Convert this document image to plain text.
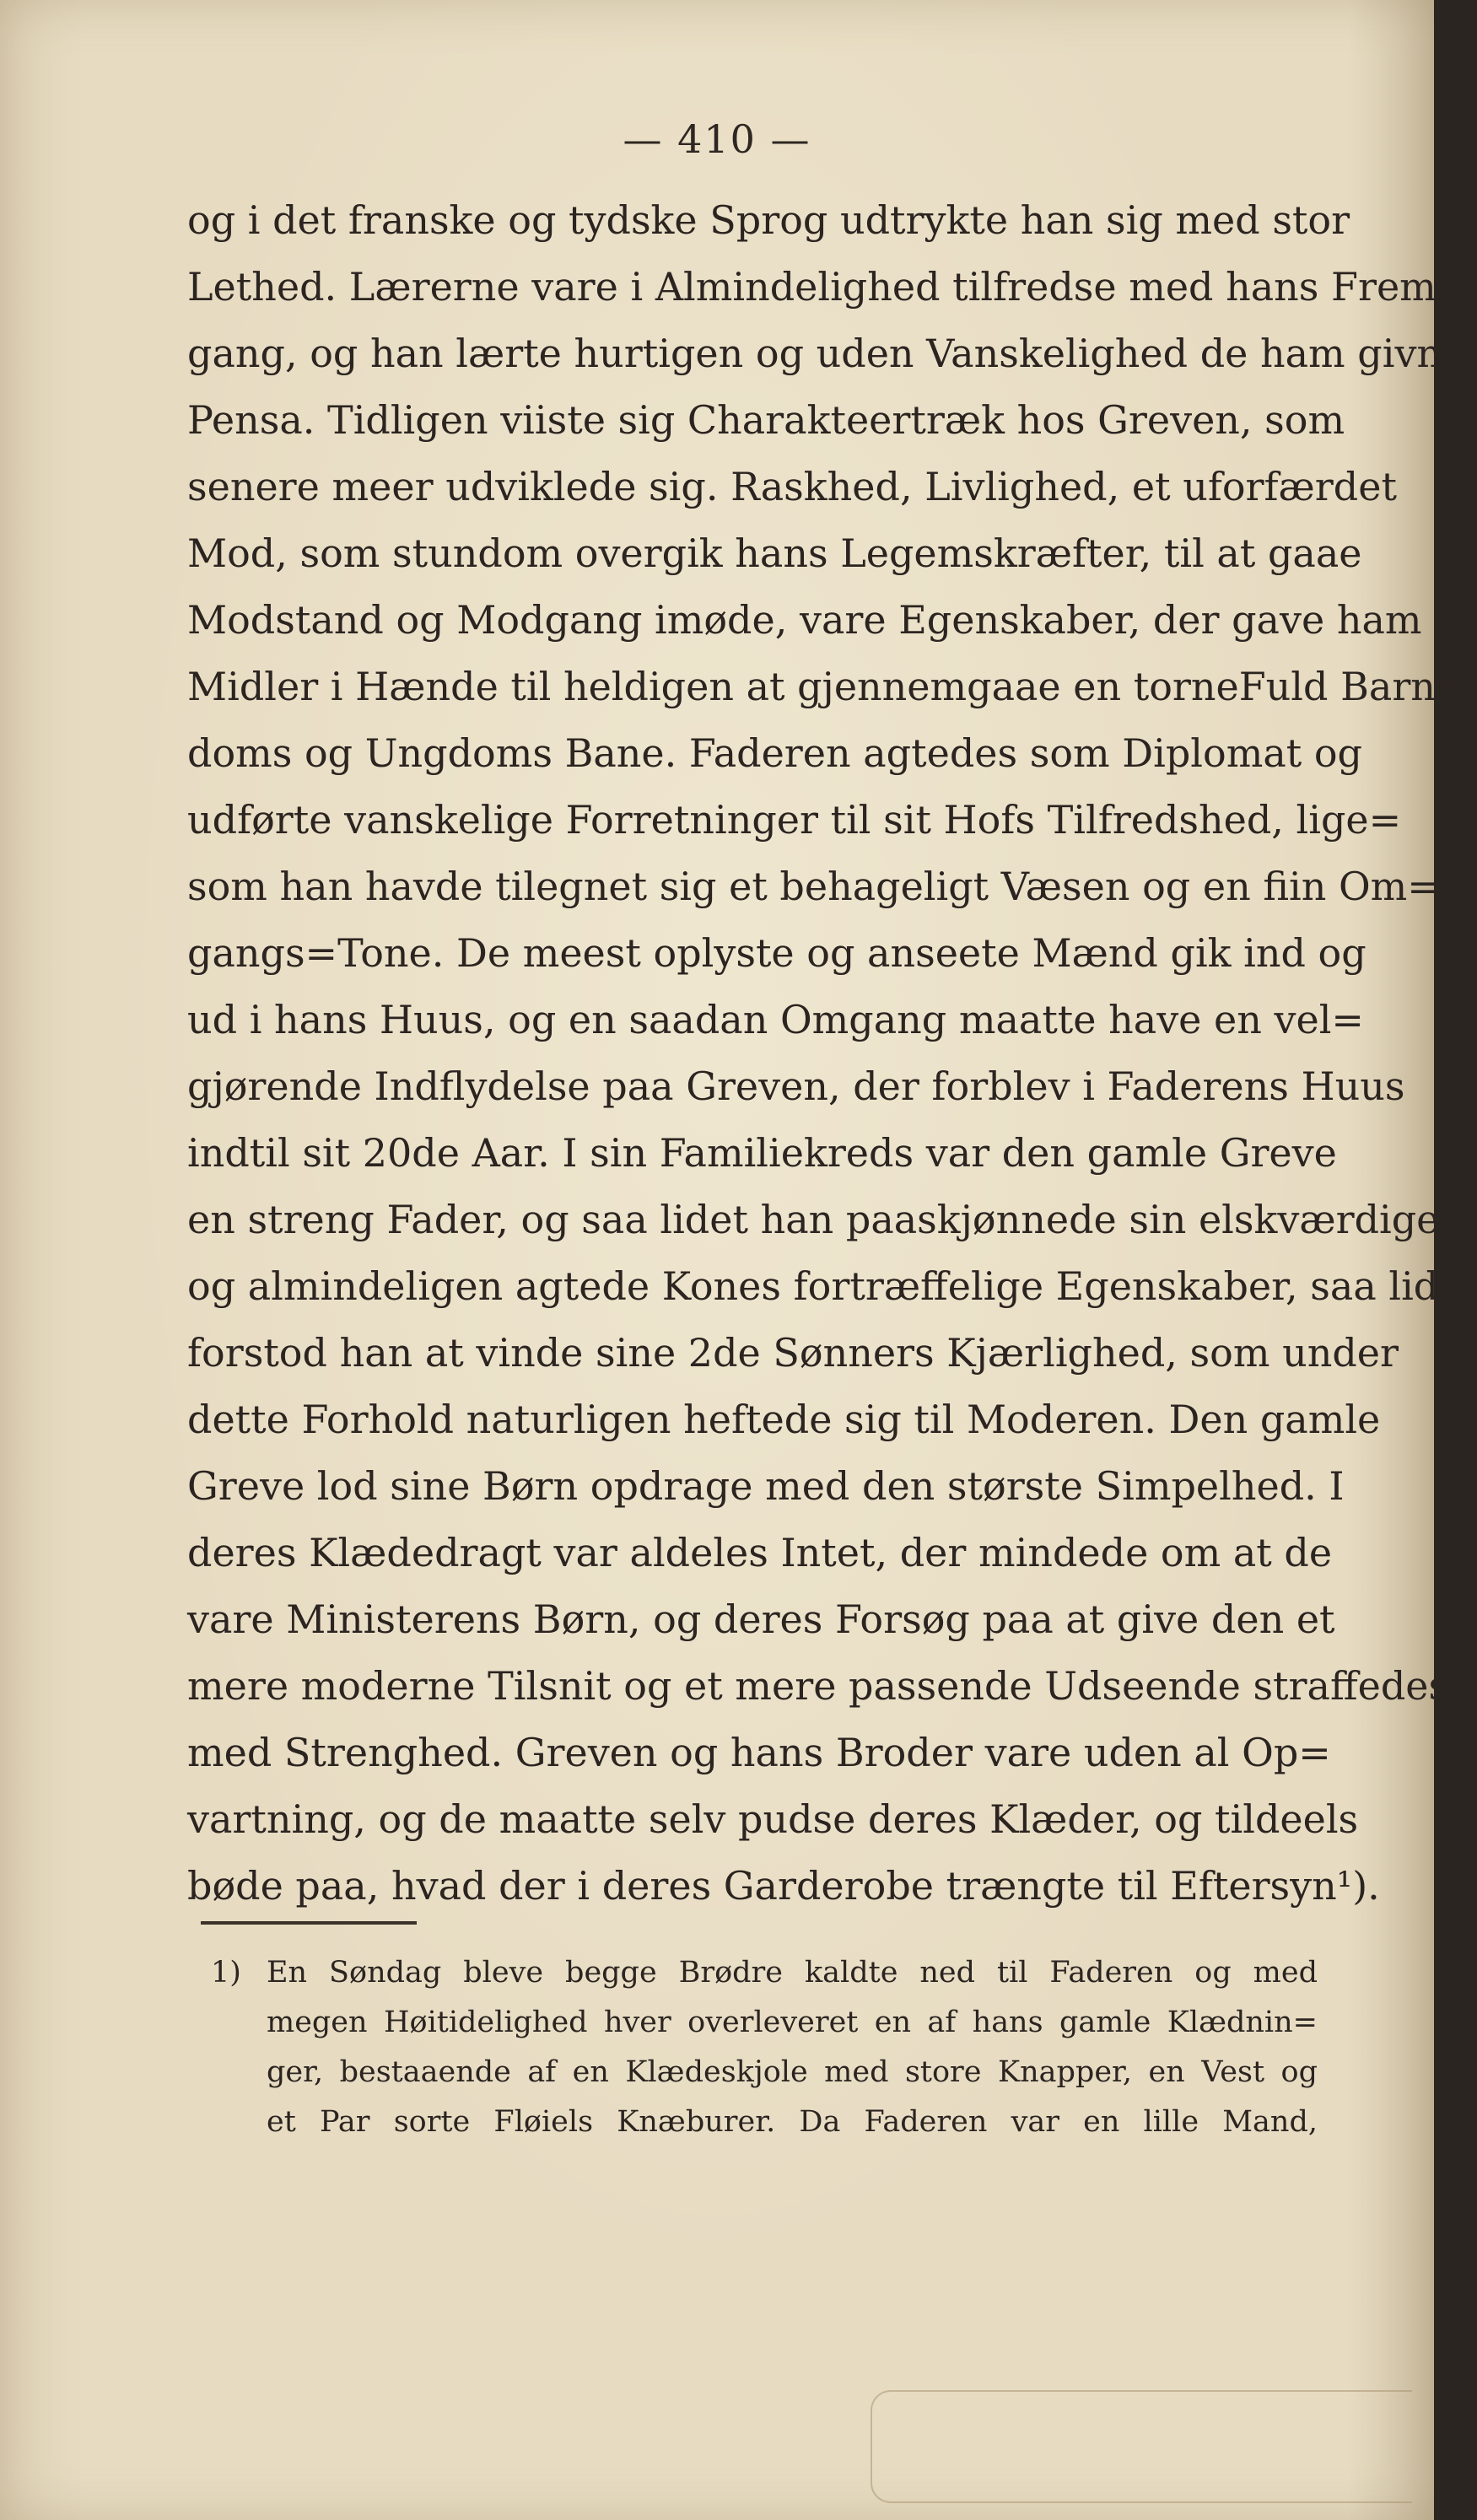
— 410 —
og i det franske og tydske Sprog udtrykte han sig med stor
Lethed. Lærerne vare i Almindelighed tilfredse med hans Frem=
gang, og han lærte hurtigen og uden Vanskelighed de ham givne
Pensa. Tidligen viiste sig Charakteertræk hos Greven, som
senere meer udviklede sig. Raskhed, Livlighed, et uforfærdet
Mod, som stundom overgik hans Legemskræfter, til at gaae
Modstand og Modgang imøde, vare Egenskaber, der gave ham
Midler i Hænde til heldigen at gjennemgaae en torneFuld Barn=
doms og Ungdoms Bane. Faderen agtedes som Diplomat og
udførte vanskelige Forretninger til sit Hofs Tilfredshed, lige=
som han havde tilegnet sig et behageligt Væsen og en fiin Om=
gangs=Tone. De meest oplyste og anseete Mænd gik ind og
ud i hans Huus, og en saadan Omgang maatte have en vel=
gjørende Indflydelse paa Greven, der forblev i Faderens Huus
indtil sit 20de Aar. I sin Familiekreds var den gamle Greve
en streng Fader, og saa lidet han paaskjønnede sin elskværdige
og almindeligen agtede Kones fortræffelige Egenskaber, saa lidet
forstod han at vinde sine 2de Sønners Kjærlighed, som under
dette Forhold naturligen heftede sig til Moderen. Den gamle
Greve lod sine Børn opdrage med den største Simpelhed. I
deres Klædedragt var aldeles Intet, der mindede om at de
vare Ministerens Børn, og deres Forsøg paa at give den et
mere moderne Tilsnit og et mere passende Udseende straffedes
med Strenghed. Greven og hans Broder vare uden al Op=
vartning, og de maatte selv pudse deres Klæder, og tildeels
bøde paa, hvad der i deres Garderobe trængte til Eftersyn¹).
1) En Søndag bleve begge Brødre kaldte ned til Faderen og med
megen Høitidelighed hver overleveret en af hans gamle Klædnin=
ger, bestaaende af en Klædeskjole med store Knapper, en Vest og
et Par sorte Fløiels Knæburer. Da Faderen var en lille Mand,
